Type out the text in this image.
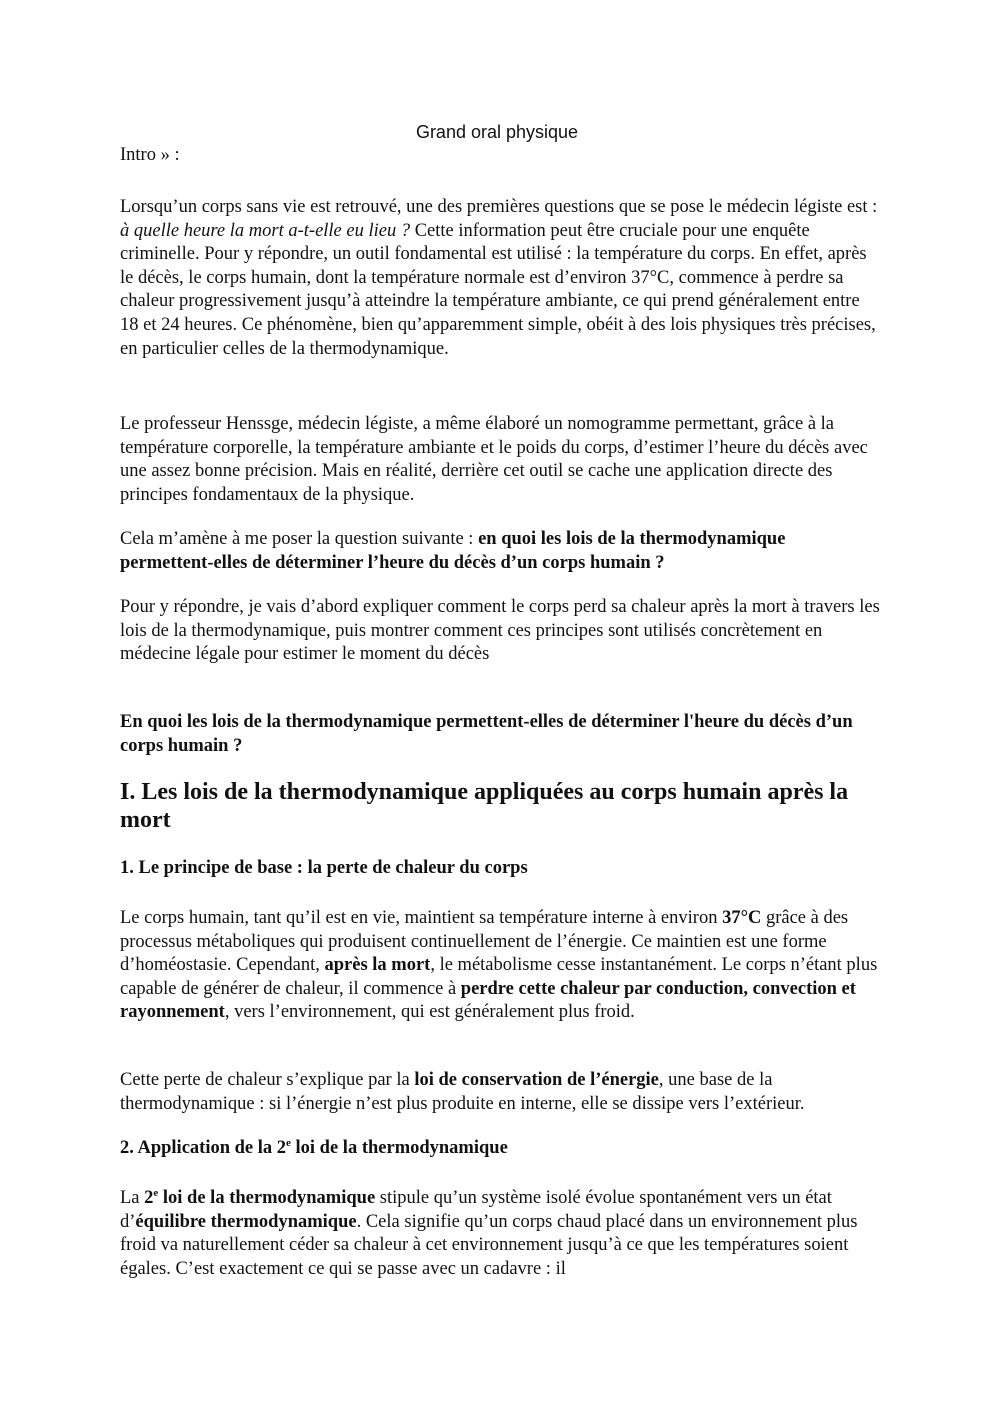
Grand oral physique
Intro » :
Lorsqu’un corps sans vie est retrouvé, une des premières questions que se pose le médecin légiste est : à quelle heure la mort a-t-elle eu lieu ? Cette information peut être cruciale pour une enquête criminelle. Pour y répondre, un outil fondamental est utilisé : la température du corps. En effet, après le décès, le corps humain, dont la température normale est d’environ 37°C, commence à perdre sa chaleur progressivement jusqu’à atteindre la température ambiante, ce qui prend généralement entre 18 et 24 heures. Ce phénomène, bien qu’apparemment simple, obéit à des lois physiques très précises, en particulier celles de la thermodynamique.
Le professeur Henssge, médecin légiste, a même élaboré un nomogramme permettant, grâce à la température corporelle, la température ambiante et le poids du corps, d’estimer l’heure du décès avec une assez bonne précision. Mais en réalité, derrière cet outil se cache une application directe des principes fondamentaux de la physique.
Cela m’amène à me poser la question suivante : en quoi les lois de la thermodynamique permettent-elles de déterminer l’heure du décès d’un corps humain ?
Pour y répondre, je vais d’abord expliquer comment le corps perd sa chaleur après la mort à travers les lois de la thermodynamique, puis montrer comment ces principes sont utilisés concrètement en médecine légale pour estimer le moment du décès
En quoi les lois de la thermodynamique permettent-elles de déterminer l'heure du décès d’un corps humain ?
I. Les lois de la thermodynamique appliquées au corps humain après la mort
1. Le principe de base : la perte de chaleur du corps
Le corps humain, tant qu’il est en vie, maintient sa température interne à environ 37°C grâce à des processus métaboliques qui produisent continuellement de l’énergie. Ce maintien est une forme d’homéostasie. Cependant, après la mort, le métabolisme cesse instantanément. Le corps n’étant plus capable de générer de chaleur, il commence à perdre cette chaleur par conduction, convection et rayonnement, vers l’environnement, qui est généralement plus froid.
Cette perte de chaleur s’explique par la loi de conservation de l’énergie, une base de la thermodynamique : si l’énergie n’est plus produite en interne, elle se dissipe vers l’extérieur.
2. Application de la 2e loi de la thermodynamique
La 2e loi de la thermodynamique stipule qu’un système isolé évolue spontanément vers un état d’équilibre thermodynamique. Cela signifie qu’un corps chaud placé dans un environnement plus froid va naturellement céder sa chaleur à cet environnement jusqu’à ce que les températures soient égales. C’est exactement ce qui se passe avec un cadavre : il
